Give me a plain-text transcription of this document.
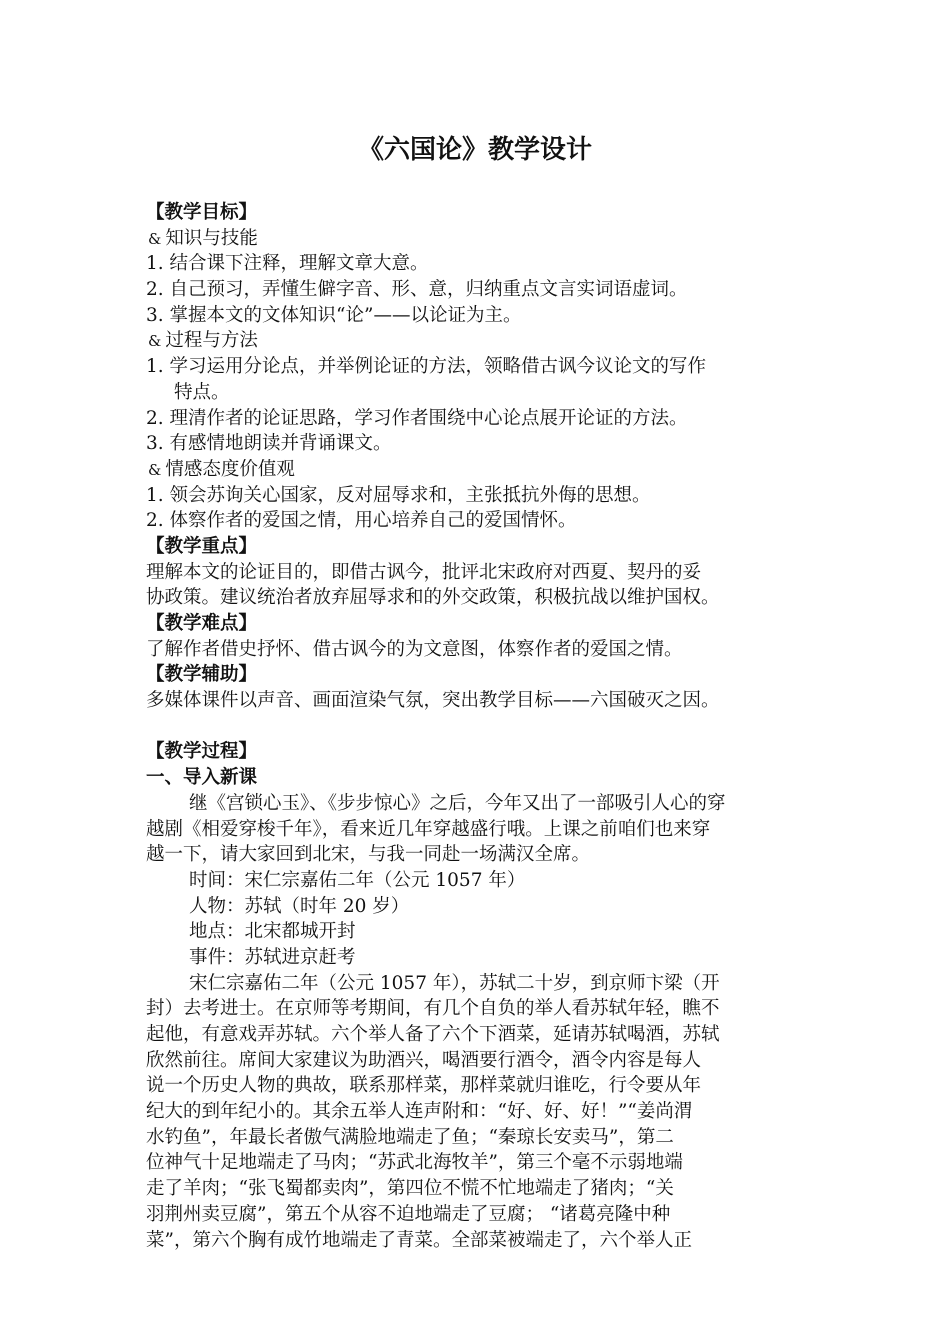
《六国论》教学设计
【教学目标】
& 知识与技能
1. 结合课下注释，理解文章大意。
2. 自己预习，弄懂生僻字音、形、意，归纳重点文言实词语虚词。
3. 掌握本文的文体知识“论”——以论证为主。
& 过程与方法
1. 学习运用分论点，并举例论证的方法，领略借古讽今议论文的写作
特点。
2. 理清作者的论证思路，学习作者围绕中心论点展开论证的方法。
3. 有感情地朗读并背诵课文。
& 情感态度价值观
1. 领会苏询关心国家，反对屈辱求和，主张抵抗外侮的思想。
2. 体察作者的爱国之情，用心培养自己的爱国情怀。
【教学重点】
理解本文的论证目的，即借古讽今，批评北宋政府对西夏、契丹的妥
协政策。建议统治者放弃屈辱求和的外交政策，积极抗战以维护国权。
【教学难点】
了解作者借史抒怀、借古讽今的为文意图，体察作者的爱国之情。
【教学辅助】
多媒体课件以声音、画面渲染气氛，突出教学目标——六国破灭之因。
【教学过程】
一、导入新课
继《宫锁心玉》、《步步惊心》之后，今年又出了一部吸引人心的穿
越剧《相爱穿梭千年》，看来近几年穿越盛行哦。上课之前咱们也来穿
越一下，请大家回到北宋，与我一同赴一场满汉全席。
时间：宋仁宗嘉佑二年（公元 1057 年）
人物：苏轼（时年 20 岁）
地点：北宋都城开封
事件：苏轼进京赶考
宋仁宗嘉佑二年（公元 1057 年），苏轼二十岁，到京师卞梁（开
封）去考进士。在京师等考期间，有几个自负的举人看苏轼年轻，瞧不
起他，有意戏弄苏轼。六个举人备了六个下酒菜，延请苏轼喝酒，苏轼
欣然前往。席间大家建议为助酒兴，喝酒要行酒令，酒令内容是每人
说一个历史人物的典故，联系那样菜，那样菜就归谁吃，行令要从年
纪大的到年纪小的。其余五举人连声附和：“好、好、好！”“姜尚渭
水钓鱼”，年最长者傲气满脸地端走了鱼；“秦琼长安卖马”，第二
位神气十足地端走了马肉；“苏武北海牧羊”，第三个毫不示弱地端
走了羊肉；“张飞蜀都卖肉”，第四位不慌不忙地端走了猪肉；“关
羽荆州卖豆腐”，第五个从容不迫地端走了豆腐； “诸葛亮隆中种
菜”，第六个胸有成竹地端走了青菜。全部菜被端走了，六个举人正
